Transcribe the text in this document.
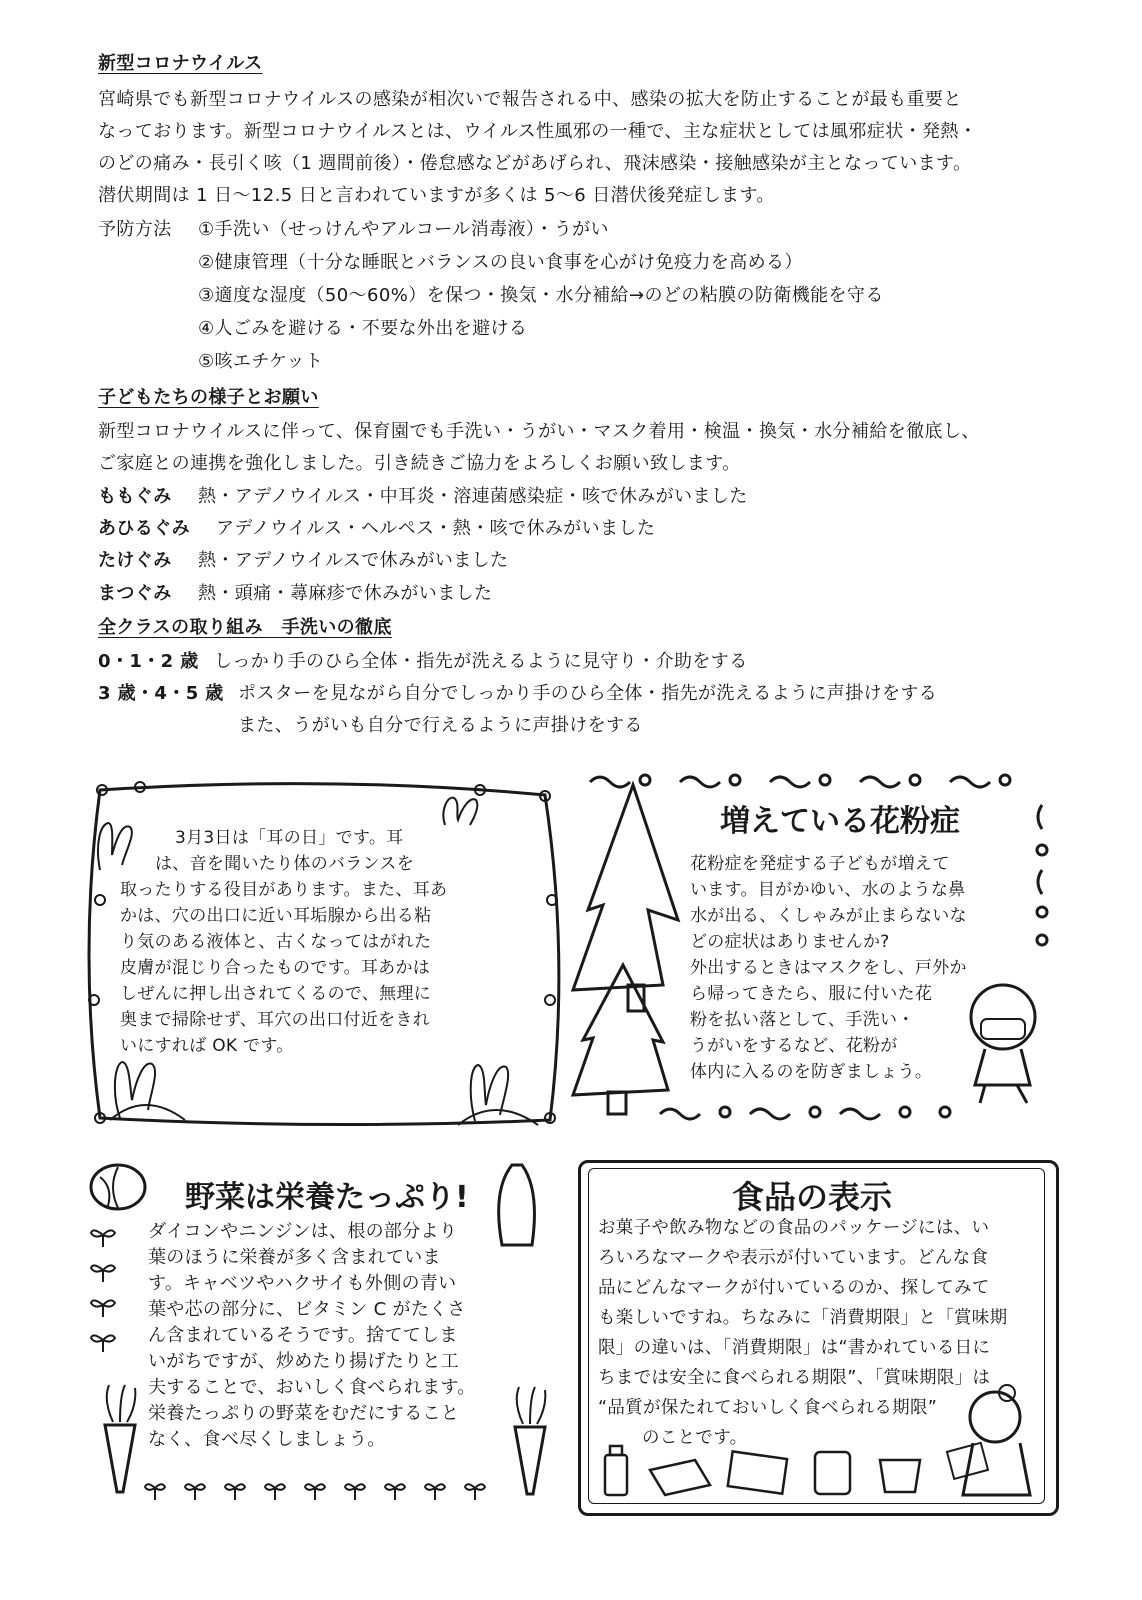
新型コロナウイルス
宮崎県でも新型コロナウイルスの感染が相次いで報告される中、感染の拡大を防止することが最も重要と
なっております。新型コロナウイルスとは、ウイルス性風邪の一種で、主な症状としては風邪症状・発熱・
のどの痛み・長引く咳（1 週間前後）・倦怠感などがあげられ、飛沫感染・接触感染が主となっています。
潜伏期間は 1 日〜12.5 日と言われていますが多くは 5〜6 日潜伏後発症します。
予防方法 ①手洗い（せっけんやアルコール消毒液）・うがい
②健康管理（十分な睡眠とバランスの良い食事を心がけ免疫力を高める）
③適度な湿度（50〜60%）を保つ・換気・水分補給→のどの粘膜の防衛機能を守る
④人ごみを避ける・不要な外出を避ける
⑤咳エチケット
子どもたちの様子とお願い
新型コロナウイルスに伴って、保育園でも手洗い・うがい・マスク着用・検温・換気・水分補給を徹底し、
ご家庭との連携を強化しました。引き続きご協力をよろしくお願い致します。
ももぐみ 熱・アデノウイルス・中耳炎・溶連菌感染症・咳で休みがいました
あひるぐみ アデノウイルス・ヘルペス・熱・咳で休みがいました
たけぐみ 熱・アデノウイルスで休みがいました
まつぐみ 熱・頭痛・蕁麻疹で休みがいました
全クラスの取り組み　手洗いの徹底
0・1・2 歳 しっかり手のひら全体・指先が洗えるように見守り・介助をする
3 歳・4・5 歳 ポスターを見ながら自分でしっかり手のひら全体・指先が洗えるように声掛けをする
また、うがいも自分で行えるように声掛けをする
3月3日は「耳の日」です。耳
は、音を聞いたり体のバランスを
取ったりする役目があります。また、耳あ
かは、穴の出口に近い耳垢腺から出る粘
り気のある液体と、古くなってはがれた
皮膚が混じり合ったものです。耳あかは
しぜんに押し出されてくるので、無理に
奥まで掃除せず、耳穴の出口付近をきれ
いにすれば OK です。
増えている花粉症
花粉症を発症する子どもが増えて
います。目がかゆい、水のような鼻
水が出る、くしゃみが止まらないな
どの症状はありませんか?
外出するときはマスクをし、戸外か
ら帰ってきたら、服に付いた花
粉を払い落として、手洗い・
うがいをするなど、花粉が
体内に入るのを防ぎましょう。
野菜は栄養たっぷり!
ダイコンやニンジンは、根の部分より
葉のほうに栄養が多く含まれていま
す。キャベツやハクサイも外側の青い
葉や芯の部分に、ビタミン C がたくさ
ん含まれているそうです。捨ててしま
いがちですが、炒めたり揚げたりと工
夫することで、おいしく食べられます。
栄養たっぷりの野菜をむだにすること
なく、食べ尽くしましょう。
食品の表示
お菓子や飲み物などの食品のパッケージには、い
ろいろなマークや表示が付いています。どんな食
品にどんなマークが付いているのか、探してみて
も楽しいですね。ちなみに「消費期限」と「賞味期
限」の違いは、「消費期限」は“書かれている日に
ちまでは安全に食べられる期限”、「賞味期限」は
“品質が保たれておいしく食べられる期限”
のことです。
